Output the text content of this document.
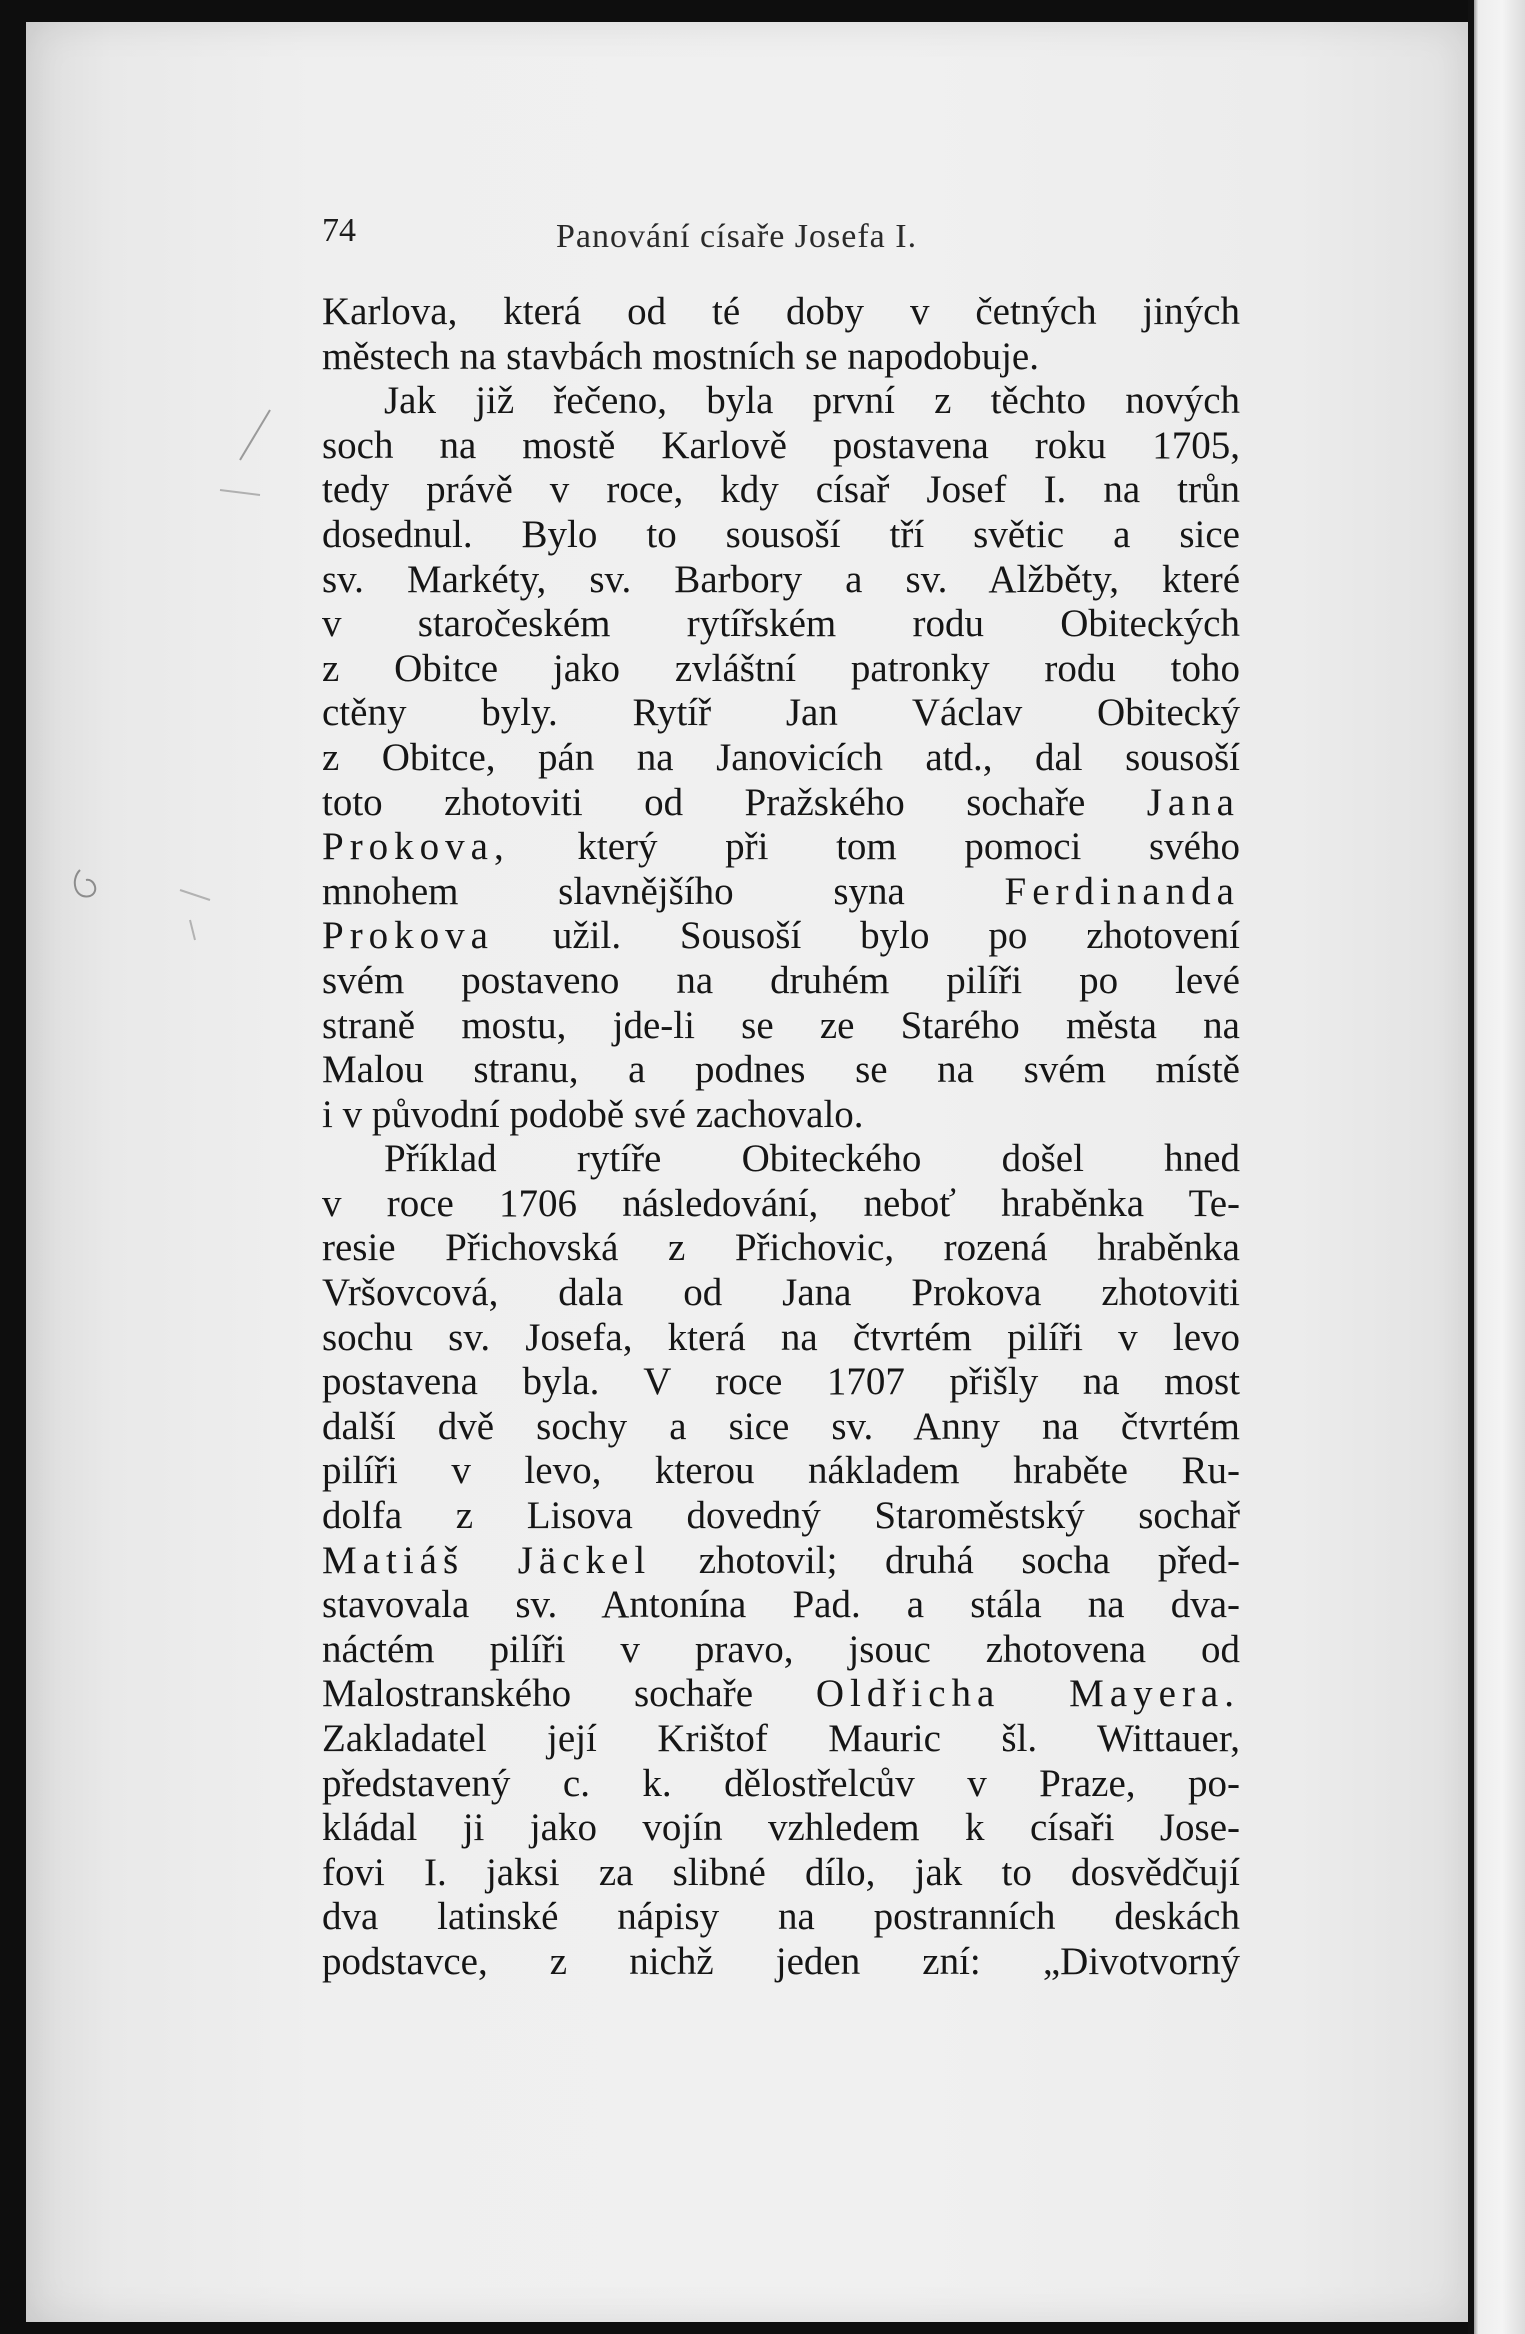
74	Panování císaře Josefa I.
Karlova, která od té doby v četných jiných
městech na stavbách mostních se napodobuje.
Jak již řečeno, byla první z těchto nových
soch na mostě Karlově postavena roku 1705,
tedy právě v roce, kdy císař Josef I. na trůn
dosednul. Bylo to sousoší tří světic a sice
sv. Markéty, sv. Barbory a sv. Alžběty, které
v staročeském rytířském rodu Obiteckých
z Obitce jako zvláštní patronky rodu toho
ctěny byly. Rytíř Jan Václav Obitecký
z Obitce, pán na Janovicích atd., dal sousoší
toto zhotoviti od Pražského sochaře Jana
Prokova, který při tom pomoci svého
mnohem slavnějšího syna Ferdinanda
Prokova užil. Sousoší bylo po zhotovení
svém postaveno na druhém pilíři po levé
straně mostu, jde-li se ze Starého města na
Malou stranu, a podnes se na svém místě
i v původní podobě své zachovalo.
Příklad rytíře Obiteckého došel hned
v roce 1706 následování, neboť hraběnka Te-
resie Přichovská z Přichovic, rozená hraběnka
Vršovcová, dala od Jana Prokova zhotoviti
sochu sv. Josefa, která na čtvrtém pilíři v levo
postavena byla. V roce 1707 přišly na most
další dvě sochy a sice sv. Anny na čtvrtém
pilíři v levo, kterou nákladem hraběte Ru-
dolfa z Lisova dovedný Staroměstský sochař
Matiáš Jäckel zhotovil; druhá socha před-
stavovala sv. Antonína Pad. a stála na dva-
náctém pilíři v pravo, jsouc zhotovena od
Malostranského sochaře Oldřicha Mayera.
Zakladatel její Krištof Mauric šl. Wittauer,
představený c. k. dělostřelcův v Praze, po-
kládal ji jako vojín vzhledem k císaři Jose-
fovi I. jaksi za slibné dílo, jak to dosvědčují
dva latinské nápisy na postranních deskách
podstavce, z nichž jeden zní: „Divotvorný
